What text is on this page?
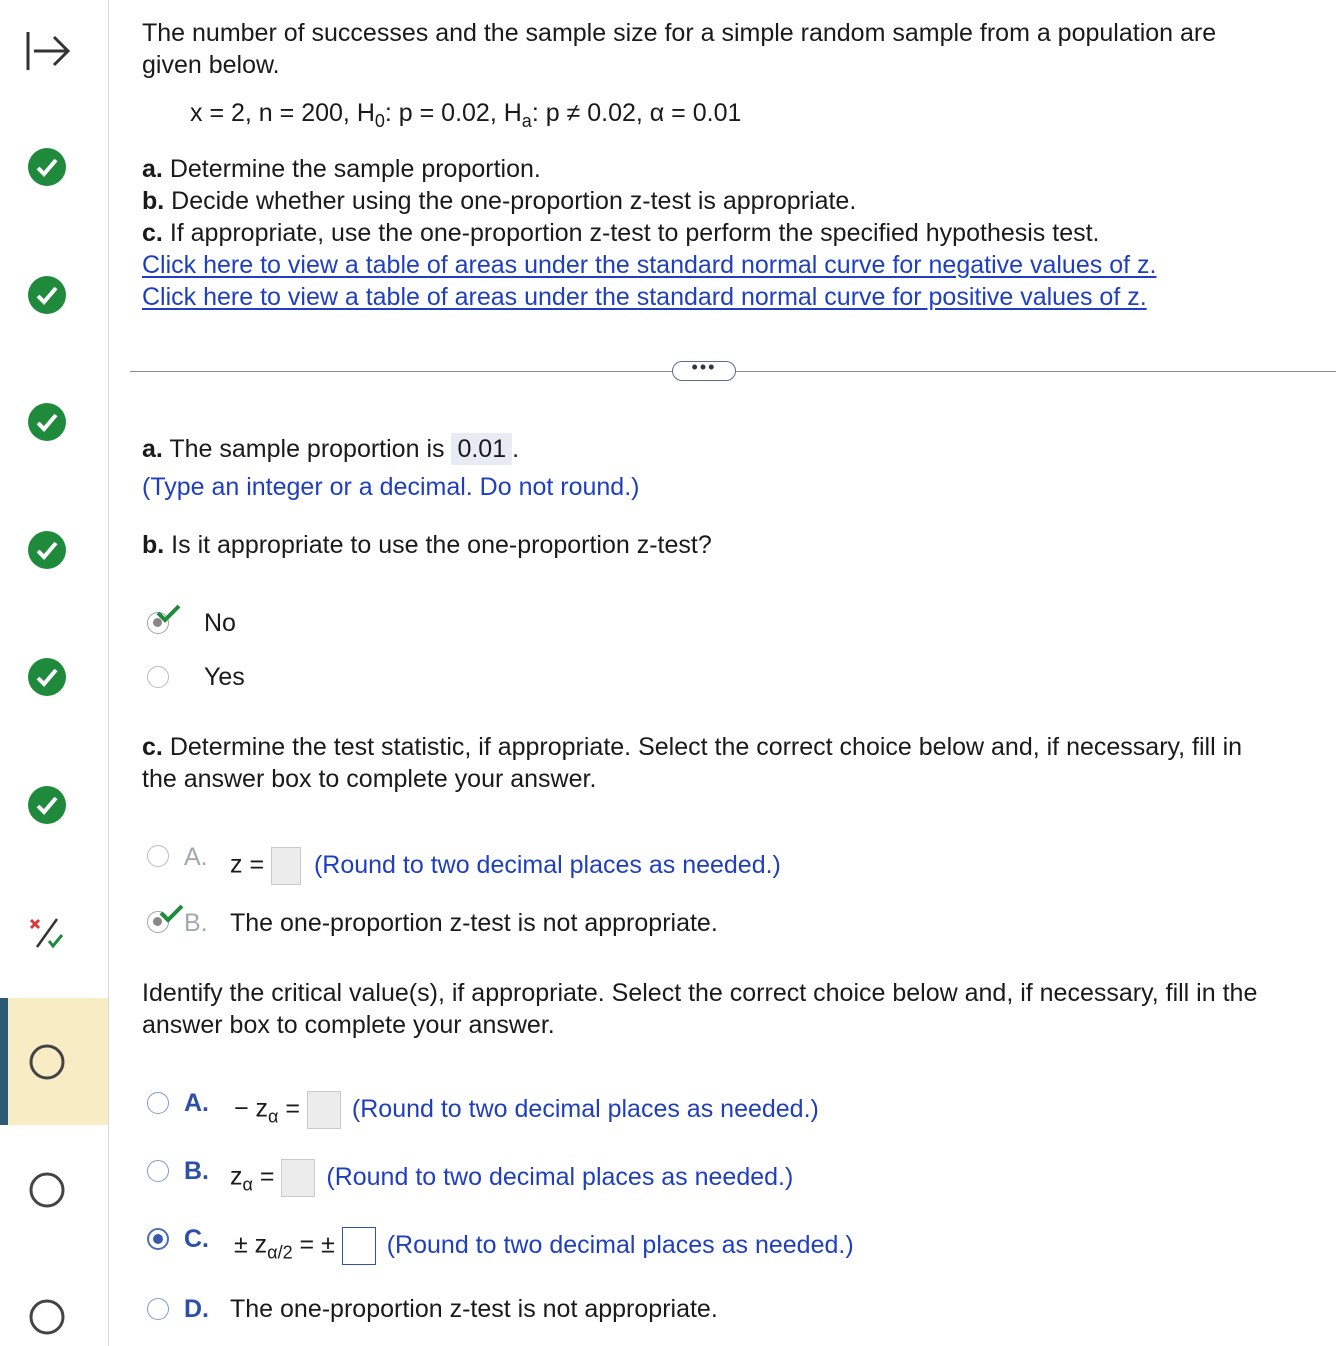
The number of successes and the sample size for a simple random sample from a population are
given below.
x = 2, n = 200, $H_0$: p = 0.02, $H_a$: p ≠ 0.02, α = 0.01
a. Determine the sample proportion.
b. Decide whether using the one-proportion z-test is appropriate.
c. If appropriate, use the one-proportion z-test to perform the specified hypothesis test.
Click here to view a table of areas under the standard normal curve for negative values of z.
Click here to view a table of areas under the standard normal curve for positive values of z.
•••
a. The sample proportion is 0.01 .
(Type an integer or a decimal. Do not round.)
b. Is it appropriate to use the one-proportion z-test?
No
Yes
c. Determine the test statistic, if appropriate. Select the correct choice below and, if necessary, fill in
the answer box to complete your answer.
A. z = (Round to two decimal places as needed.)
B. The one-proportion z-test is not appropriate.
Identify the critical value(s), if appropriate. Select the correct choice below and, if necessary, fill in the
answer box to complete your answer.
A. − $z_\alpha$ = (Round to two decimal places as needed.)
B. $z_\alpha$ = (Round to two decimal places as needed.)
C. ± $z_{\alpha/2}$ = ± (Round to two decimal places as needed.)
D. The one-proportion z-test is not appropriate.
